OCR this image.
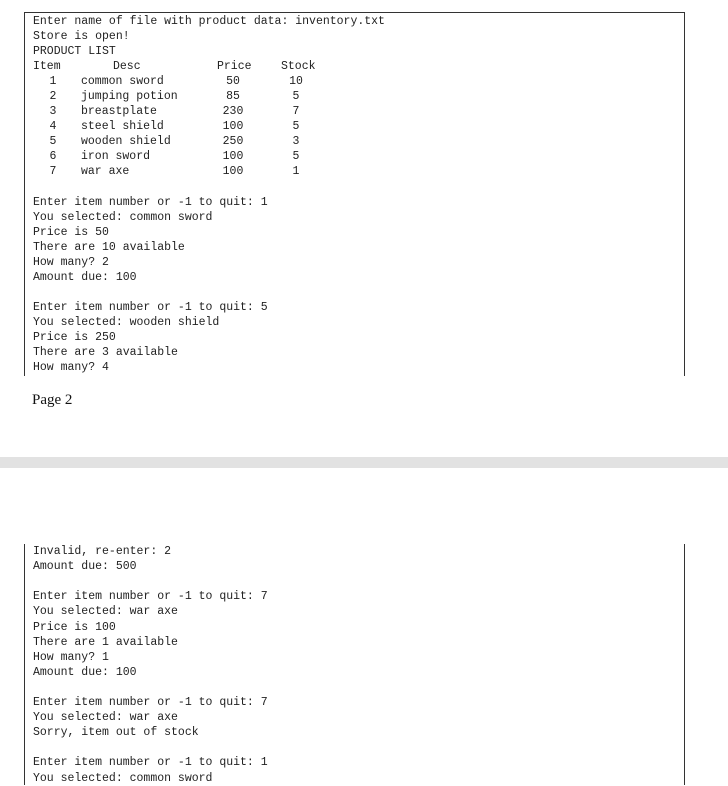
Enter name of file with product data: inventory.txt
Store is open!
PRODUCT LIST
Item	Desc	Price	Stock
1	common sword	50	10
2	jumping potion	85	5
3	breastplate	230	7
4	steel shield	100	5
5	wooden shield	250	3
6	iron sword	100	5
7	war axe	100	1
Enter item number or -1 to quit: 1
You selected: common sword
Price is 50
There are 10 available
How many? 2
Amount due: 100
Enter item number or -1 to quit: 5
You selected: wooden shield
Price is 250
There are 3 available
How many? 4
Page 2
Invalid, re-enter: 2
Amount due: 500
Enter item number or -1 to quit: 7
You selected: war axe
Price is 100
There are 1 available
How many? 1
Amount due: 100
Enter item number or -1 to quit: 7
You selected: war axe
Sorry, item out of stock
Enter item number or -1 to quit: 1
You selected: common sword
